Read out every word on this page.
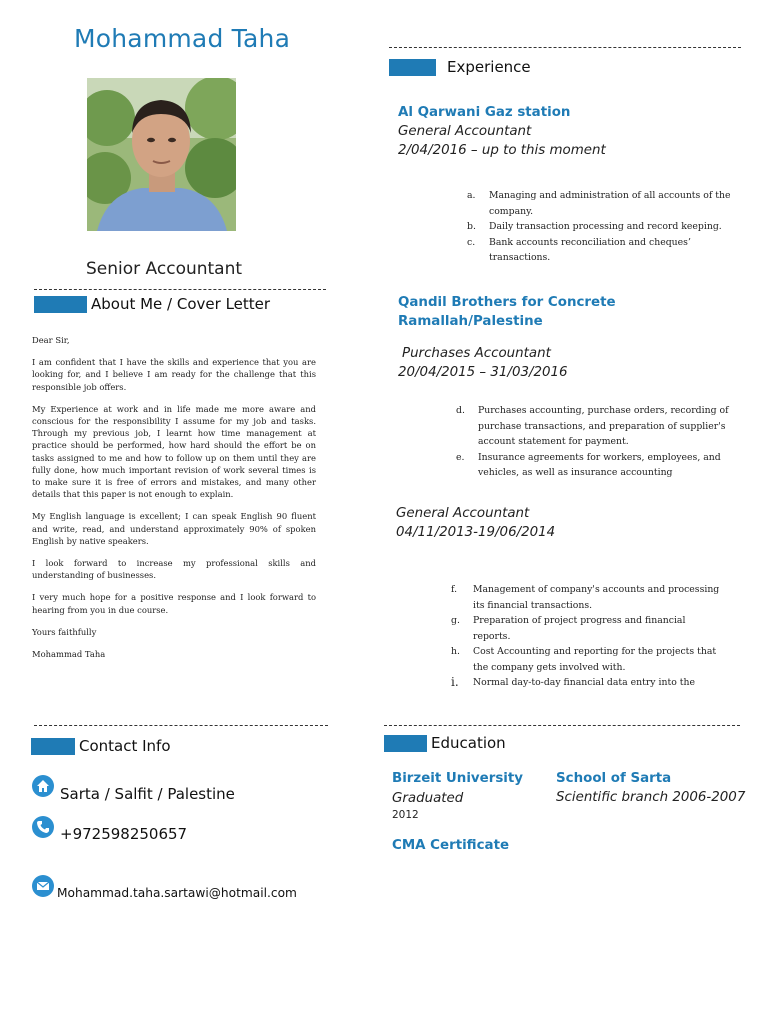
Mohammad Taha
Senior Accountant
About Me / Cover Letter

Dear Sir,

I am confident that I have the skills and experience that you are looking for, and I believe I am ready for the challenge that this responsible job offers.

My Experience at work and in life made me more aware and conscious for the responsibility I assume for my job and tasks. Through my previous job, I learnt how time management at practice should be performed, how hard should the effort be on tasks assigned to me and how to follow up on them until they are fully done, how much important revision of work several times is to make sure it is free of errors and mistakes, and many other details that this paper is not enough to explain.

My English language is excellent; I can speak English 90 fluent and write, read, and understand approximately 90% of spoken English by native speakers.

I look forward to increase my professional skills and understanding of businesses.

I very much hope for a positive response and I look forward to hearing from you in due course.

Yours faithfully

Mohammad Taha

Experience
Al Qarwani Gaz station
General Accountant
2/04/2016 – up to this moment
a. Managing and administration of all accounts of the company.
b. Daily transaction processing and record keeping.
c. Bank accounts reconciliation and cheques’ transactions.
Qandil Brothers for Concrete
Ramallah/Palestine
Purchases Accountant
20/04/2015 – 31/03/2016
d. Purchases accounting, purchase orders, recording of purchase transactions, and preparation of supplier's account statement for payment.
e. Insurance agreements for workers, employees, and vehicles, as well as insurance accounting
General Accountant
04/11/2013-19/06/2014
f. Management of company's accounts and processing its financial transactions.
g. Preparation of project progress and financial reports.
h. Cost Accounting and reporting for the projects that the company gets involved with.
i. Normal day-to-day financial data entry into the
Contact Info
Sarta / Salfit / Palestine
+972598250657
Mohammad.taha.sartawi@hotmail.com
Education
Birzeit University
Graduated
2012
School of Sarta
Scientific branch 2006-2007
CMA Certificate
